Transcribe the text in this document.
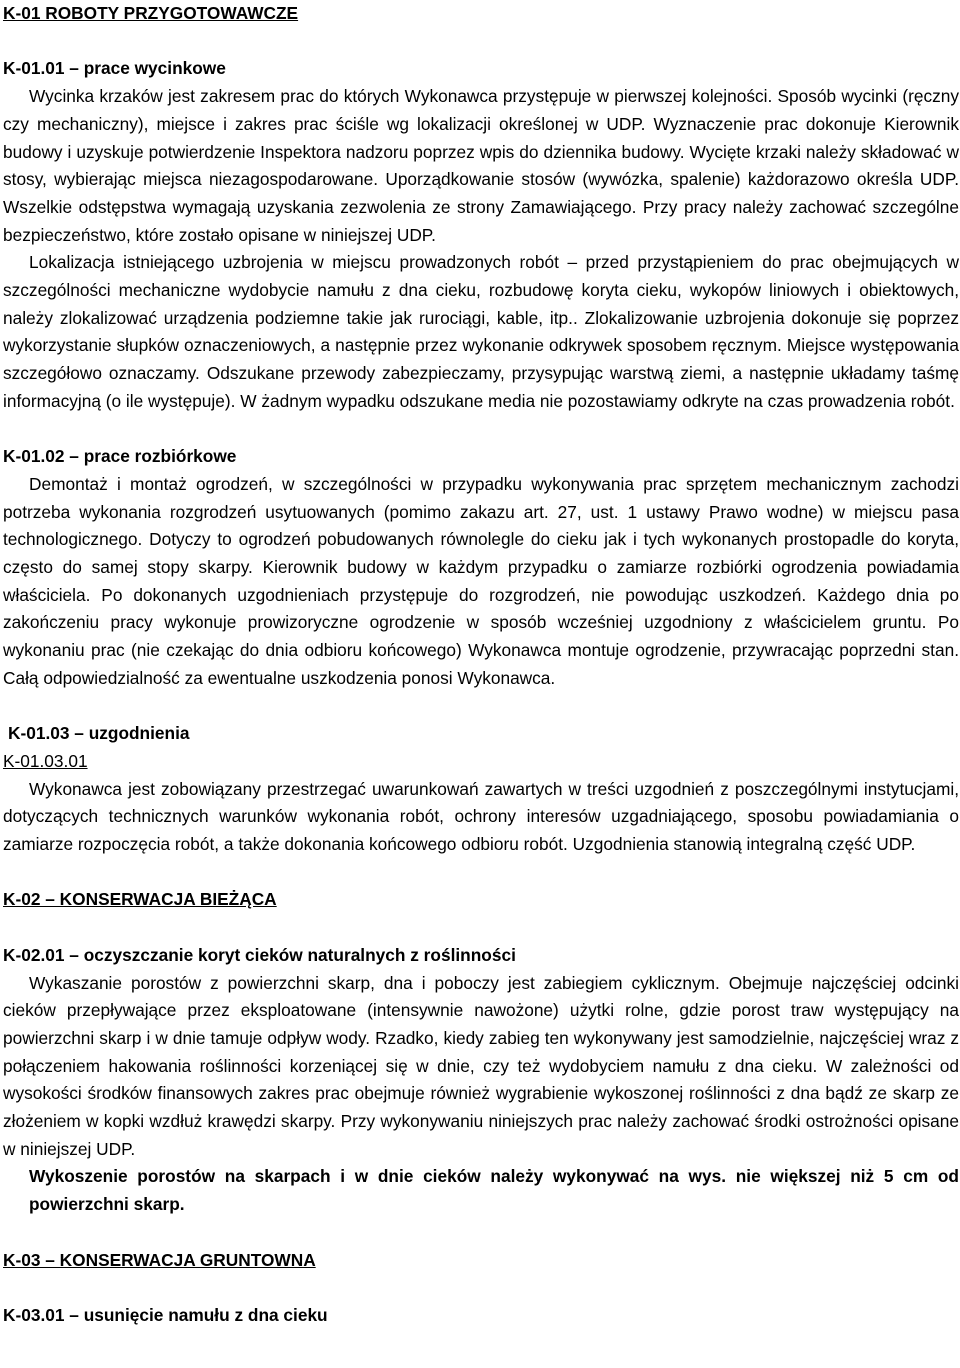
K-01 ROBOTY PRZYGOTOWAWCZE

K-01.01 – prace wycinkowe

Wycinka krzaków jest zakresem prac do których Wykonawca przystępuje w pierwszej kolejności. Sposób wycinki (ręczny czy mechaniczny), miejsce i zakres prac ściśle wg lokalizacji określonej w UDP. Wyznaczenie prac dokonuje Kierownik budowy i uzyskuje potwierdzenie Inspektora nadzoru poprzez wpis do dziennika budowy. Wycięte krzaki należy składować w stosy, wybierając miejsca niezagospodarowane. Uporządkowanie stosów (wywózka, spalenie) każdorazowo określa UDP. Wszelkie odstępstwa wymagają uzyskania zezwolenia ze strony Zamawiającego. Przy pracy należy zachować szczególne bezpieczeństwo, które zostało opisane w niniejszej UDP.

Lokalizacja istniejącego uzbrojenia w miejscu prowadzonych robót – przed przystąpieniem do prac obejmujących w szczególności mechaniczne wydobycie namułu z dna cieku, rozbudowę koryta cieku, wykopów liniowych i obiektowych, należy zlokalizować urządzenia podziemne takie jak rurociągi, kable, itp.. Zlokalizowanie uzbrojenia dokonuje się poprzez wykorzystanie słupków oznaczeniowych, a następnie przez wykonanie odkrywek sposobem ręcznym. Miejsce występowania szczegółowo oznaczamy. Odszukane przewody zabezpieczamy, przysypując warstwą ziemi, a następnie układamy taśmę informacyjną (o ile występuje). W żadnym wypadku odszukane media nie pozostawiamy odkryte na czas prowadzenia robót.

K-01.02 – prace rozbiórkowe

Demontaż i montaż ogrodzeń, w szczególności w przypadku wykonywania prac sprzętem mechanicznym zachodzi potrzeba wykonania rozgrodzeń usytuowanych (pomimo zakazu art. 27, ust. 1 ustawy Prawo wodne) w miejscu pasa technologicznego. Dotyczy to ogrodzeń pobudowanych równolegle do cieku jak i tych wykonanych prostopadle do koryta, często do samej stopy skarpy. Kierownik budowy w każdym przypadku o zamiarze rozbiórki ogrodzenia powiadamia właściciela. Po dokonanych uzgodnieniach przystępuje do rozgrodzeń, nie powodując uszkodzeń. Każdego dnia po zakończeniu pracy wykonuje prowizoryczne ogrodzenie w sposób wcześniej uzgodniony z właścicielem gruntu. Po wykonaniu prac (nie czekając do dnia odbioru końcowego) Wykonawca montuje ogrodzenie, przywracając poprzedni stan. Całą odpowiedzialność za ewentualne uszkodzenia ponosi Wykonawca.

K-01.03 – uzgodnienia

K-01.03.01

Wykonawca jest zobowiązany przestrzegać uwarunkowań zawartych w treści uzgodnień z poszczególnymi instytucjami, dotyczących technicznych warunków wykonania robót, ochrony interesów uzgadniającego, sposobu powiadamiania o zamiarze rozpoczęcia robót, a także dokonania końcowego odbioru robót. Uzgodnienia stanowią integralną część UDP.

K-02 – KONSERWACJA BIEŻĄCA

K-02.01 – oczyszczanie koryt cieków naturalnych z roślinności

Wykaszanie porostów z powierzchni skarp, dna i poboczy jest zabiegiem cyklicznym. Obejmuje najczęściej odcinki cieków przepływające przez eksploatowane (intensywnie nawożone) użytki rolne, gdzie porost traw występujący na powierzchni skarp i w dnie tamuje odpływ wody. Rzadko, kiedy zabieg ten wykonywany jest samodzielnie, najczęściej wraz z połączeniem hakowania roślinności korzeniącej się w dnie, czy też wydobyciem namułu z dna cieku. W zależności od wysokości środków finansowych zakres prac obejmuje również wygrabienie wykoszonej roślinności z dna bądź ze skarp ze złożeniem w kopki wzdłuż krawędzi skarpy. Przy wykonywaniu niniejszych prac należy zachować środki ostrożności opisane w niniejszej UDP.

Wykoszenie porostów na skarpach i w dnie cieków należy wykonywać na wys. nie większej niż 5 cm od powierzchni skarp.

K-03 – KONSERWACJA GRUNTOWNA

K-03.01 – usunięcie namułu z dna cieku
